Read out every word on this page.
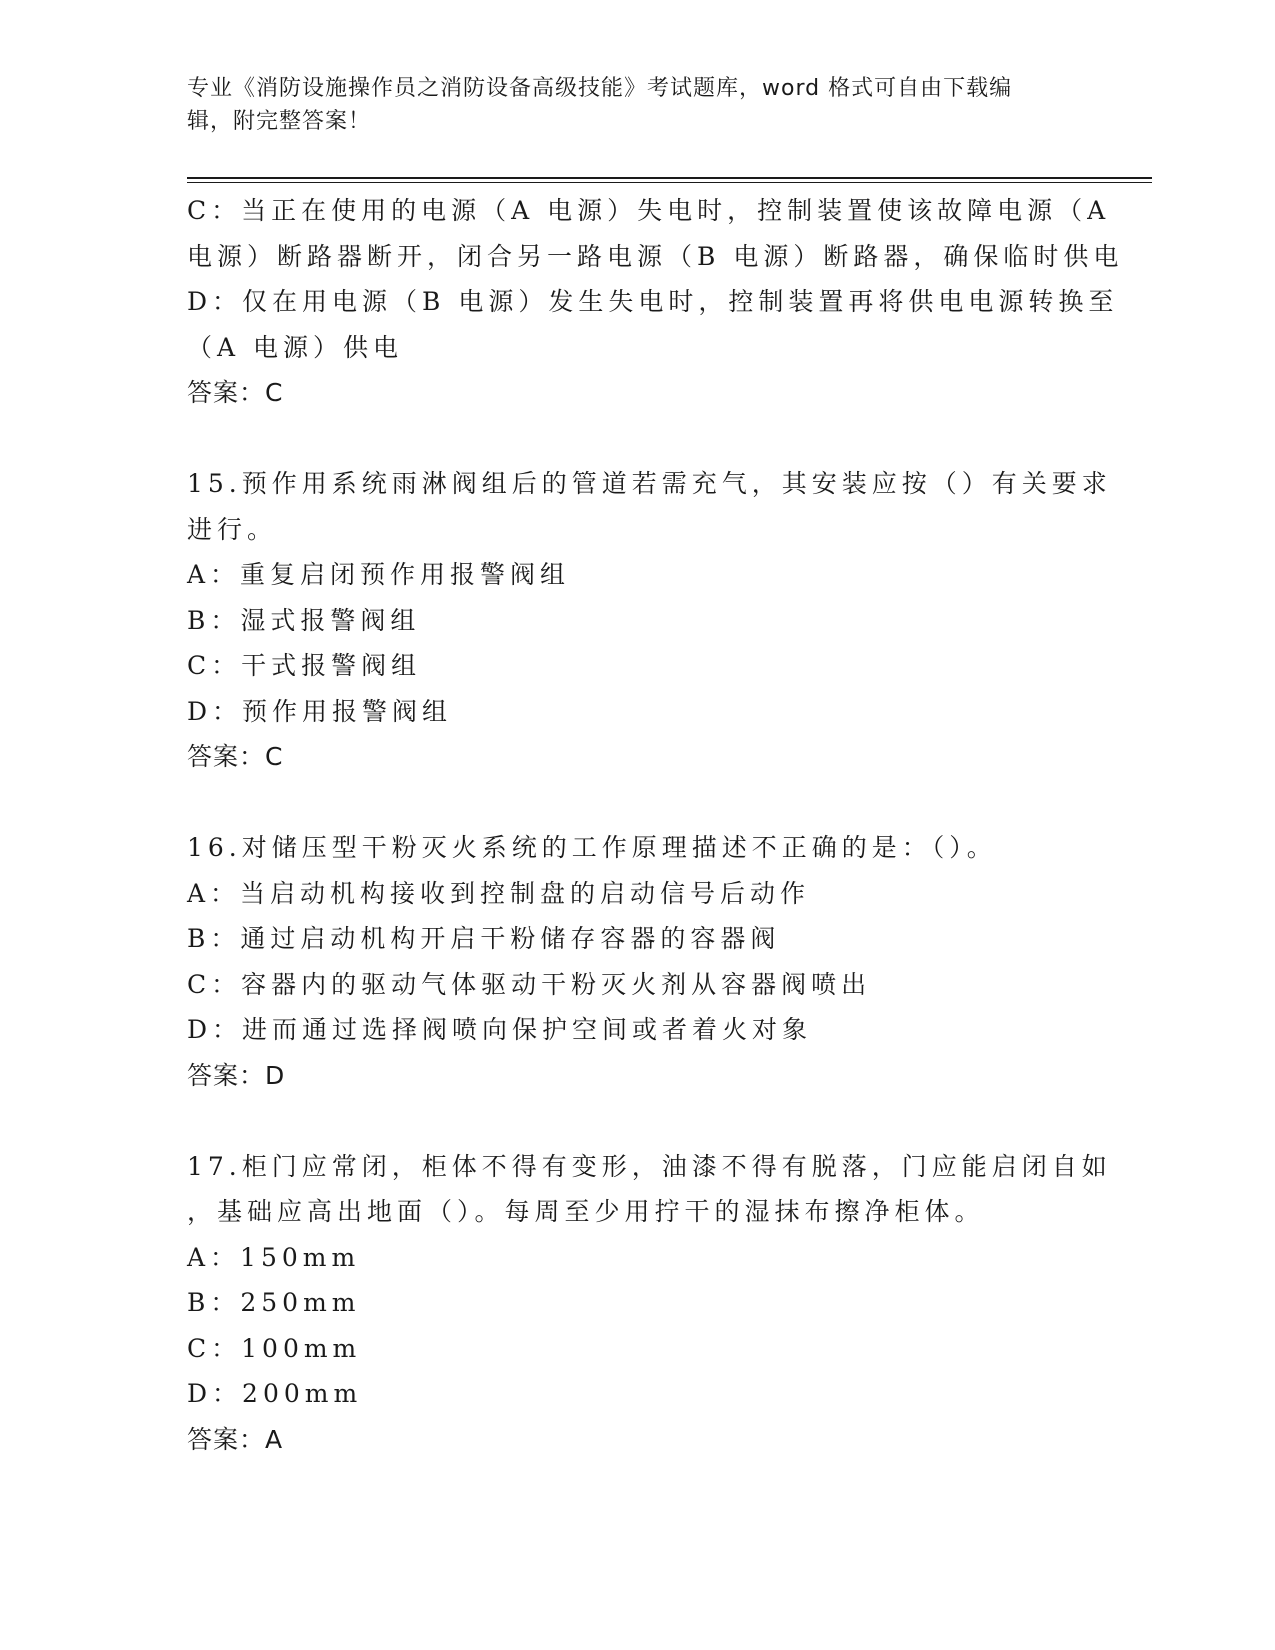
专业《消防设施操作员之消防设备高级技能》考试题库，word 格式可自由下载编
辑，附完整答案！
C：当正在使用的电源（A 电源）失电时，控制装置使该故障电源（A
电源）断路器断开，闭合另一路电源（B 电源）断路器，确保临时供电
D：仅在用电源（B 电源）发生失电时，控制装置再将供电电源转换至
（A 电源）供电
答案：C
15.预作用系统雨淋阀组后的管道若需充气，其安装应按（）有关要求
进行。
A：重复启闭预作用报警阀组
B：湿式报警阀组
C：干式报警阀组
D：预作用报警阀组
答案：C
16.对储压型干粉灭火系统的工作原理描述不正确的是：（）。
A：当启动机构接收到控制盘的启动信号后动作
B：通过启动机构开启干粉储存容器的容器阀
C：容器内的驱动气体驱动干粉灭火剂从容器阀喷出
D：进而通过选择阀喷向保护空间或者着火对象
答案：D
17.柜门应常闭，柜体不得有变形，油漆不得有脱落，门应能启闭自如
，基础应高出地面（）。每周至少用拧干的湿抹布擦净柜体。
A：150mm
B：250mm
C：100mm
D：200mm
答案：A
